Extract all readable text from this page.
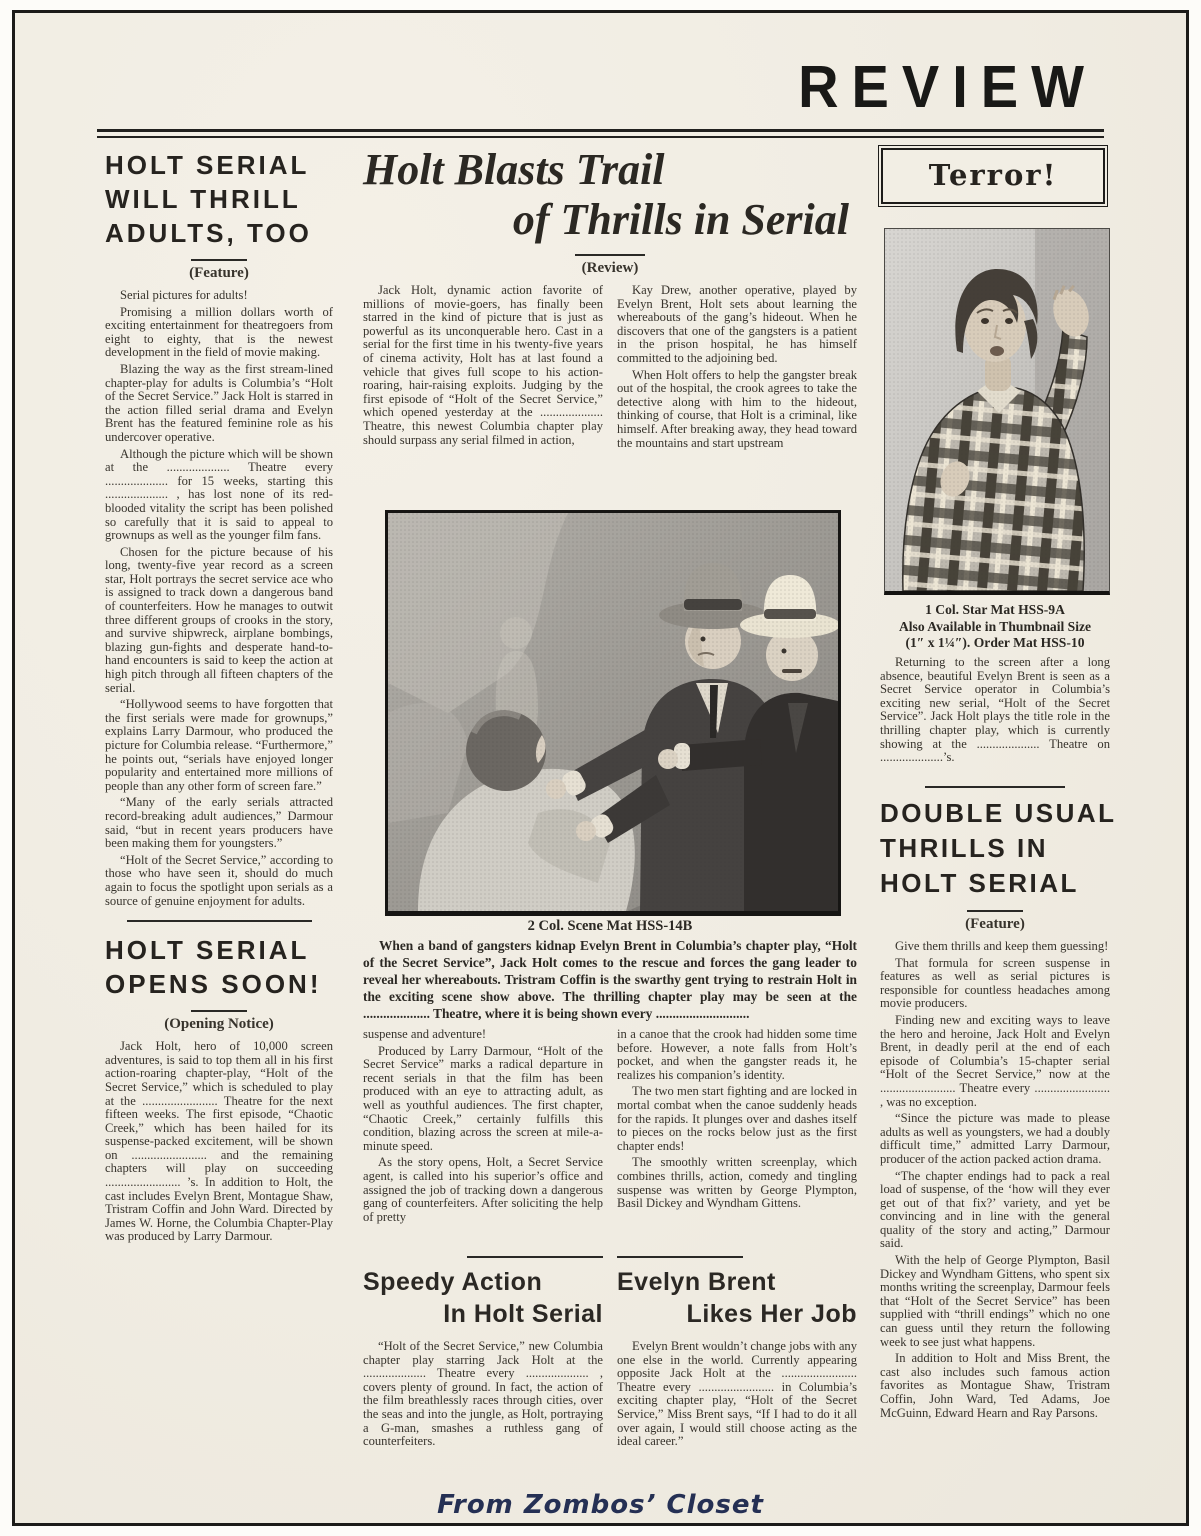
REVIEW
HOLT SERIAL
WILL THRILL
ADULTS, TOO
(Feature)

Serial pictures for adults!

Promising a million dollars worth of exciting entertainment for theatregoers from eight to eighty, that is the newest development in the field of movie making.

Blazing the way as the first stream-lined chapter-play for adults is Columbia’s “Holt of the Secret Service.” Jack Holt is starred in the action filled serial drama and Evelyn Brent has the featured feminine role as his undercover operative.

Although the picture which will be shown at the .................... Theatre every .................... for 15 weeks, starting this .................... , has lost none of its red-blooded vitality the script has been polished so carefully that it is said to appeal to grownups as well as the younger film fans.

Chosen for the picture because of his long, twenty-five year record as a screen star, Holt portrays the secret service ace who is assigned to track down a dangerous band of counterfeiters. How he manages to outwit three different groups of crooks in the story, and survive shipwreck, airplane bombings, blazing gun-fights and desperate hand-to-hand encounters is said to keep the action at high pitch through all fifteen chapters of the serial.

“Hollywood seems to have forgotten that the first serials were made for grownups,” explains Larry Darmour, who produced the picture for Columbia release. “Furthermore,” he points out, “serials have enjoyed longer popularity and entertained more millions of people than any other form of screen fare.”

“Many of the early serials attracted record-breaking adult audiences,” Darmour said, “but in recent years producers have been making them for youngsters.”

“Holt of the Secret Service,” according to those who have seen it, should do much again to focus the spotlight upon serials as a source of genuine enjoyment for adults.

HOLT SERIAL
OPENS SOON!
(Opening Notice)

Jack Holt, hero of 10,000 screen adventures, is said to top them all in his first action-roaring chapter-play, “Holt of the Secret Service,” which is scheduled to play at the ........................ Theatre for the next fifteen weeks. The first episode, “Chaotic Creek,” which has been hailed for its suspense-packed excitement, will be shown on ........................ and the remaining chapters will play on succeeding ........................ ’s. In addition to Holt, the cast includes Evelyn Brent, Montague Shaw, Tristram Coffin and John Ward. Directed by James W. Horne, the Columbia Chapter-Play was produced by Larry Darmour.

Holt Blasts Trail
of Thrills in Serial
(Review)

Jack Holt, dynamic action favorite of millions of movie-goers, has finally been starred in the kind of picture that is just as powerful as its unconquerable hero. Cast in a serial for the first time in his twenty-five years of cinema activity, Holt has at last found a vehicle that gives full scope to his action-roaring, hair-raising exploits. Judging by the first episode of “Holt of the Secret Service,” which opened yesterday at the .................... Theatre, this newest Columbia chapter play should surpass any serial filmed in action,

Kay Drew, another operative, played by Evelyn Brent, Holt sets about learning the whereabouts of the gang’s hideout. When he discovers that one of the gangsters is a patient in the prison hospital, he has himself committed to the adjoining bed.

When Holt offers to help the gangster break out of the hospital, the crook agrees to take the detective along with him to the hideout, thinking of course, that Holt is a criminal, like himself. After breaking away, they head toward the mountains and start upstream

2 Col. Scene Mat HSS-14B

When a band of gangsters kidnap Evelyn Brent in Columbia’s chapter play, “Holt of the Secret Service”, Jack Holt comes to the rescue and forces the gang leader to reveal her whereabouts. Tristram Coffin is the swarthy gent trying to restrain Holt in the exciting scene show above. The thrilling chapter play may be seen at the .................... Theatre, where it is being shown every ............................

suspense and adventure!

Produced by Larry Darmour, “Holt of the Secret Service” marks a radical departure in recent serials in that the film has been produced with an eye to attracting adult, as well as youthful audiences. The first chapter, “Chaotic Creek,” certainly fulfills this condition, blazing across the screen at mile-a-minute speed.

As the story opens, Holt, a Secret Service agent, is called into his superior’s office and assigned the job of tracking down a dangerous gang of counterfeiters. After soliciting the help of pretty

in a canoe that the crook had hidden some time before. However, a note falls from Holt’s pocket, and when the gangster reads it, he realizes his companion’s identity.

The two men start fighting and are locked in mortal combat when the canoe suddenly heads for the rapids. It plunges over and dashes itself to pieces on the rocks below just as the first chapter ends!

The smoothly written screenplay, which combines thrills, action, comedy and tingling suspense was written by George Plympton, Basil Dickey and Wyndham Gittens.

Speedy Action
In Holt Serial

“Holt of the Secret Service,” new Columbia chapter play starring Jack Holt at the .................... Theatre every .................... , covers plenty of ground. In fact, the action of the film breathlessly races through cities, over the seas and into the jungle, as Holt, portraying a G-man, smashes a ruthless gang of counterfeiters.

Evelyn Brent
Likes Her Job

Evelyn Brent wouldn’t change jobs with any one else in the world. Currently appearing opposite Jack Holt at the ........................ Theatre every ........................ in Columbia’s exciting chapter play, “Holt of the Secret Service,” Miss Brent says, “If I had to do it all over again, I would still choose acting as the ideal career.”

Terror!
1 Col. Star Mat HSS-9A
Also Available in Thumbnail Size
(1″ x 1¼″). Order Mat HSS-10

Returning to the screen after a long absence, beautiful Evelyn Brent is seen as a Secret Service operator in Columbia’s exciting new serial, “Holt of the Secret Service”. Jack Holt plays the title role in the thrilling chapter play, which is currently showing at the .................... Theatre on ....................’s.

DOUBLE USUAL
THRILLS IN
HOLT SERIAL
(Feature)

Give them thrills and keep them guessing!

That formula for screen suspense in features as well as serial pictures is responsible for countless headaches among movie producers.

Finding new and exciting ways to leave the hero and heroine, Jack Holt and Evelyn Brent, in deadly peril at the end of each episode of Columbia’s 15-chapter serial “Holt of the Secret Service,” now at the ........................ Theatre every ........................ , was no exception.

“Since the picture was made to please adults as well as youngsters, we had a doubly difficult time,” admitted Larry Darmour, producer of the action packed action drama.

“The chapter endings had to pack a real load of suspense, of the ‘how will they ever get out of that fix?’ variety, and yet be convincing and in line with the general quality of the story and acting,” Darmour said.

With the help of George Plympton, Basil Dickey and Wyndham Gittens, who spent six months writing the screenplay, Darmour feels that “Holt of the Secret Service” has been supplied with “thrill endings” which no one can guess until they return the following week to see just what happens.

In addition to Holt and Miss Brent, the cast also includes such famous action favorites as Montague Shaw, Tristram Coffin, John Ward, Ted Adams, Joe McGuinn, Edward Hearn and Ray Parsons.

From Zombos’ Closet
